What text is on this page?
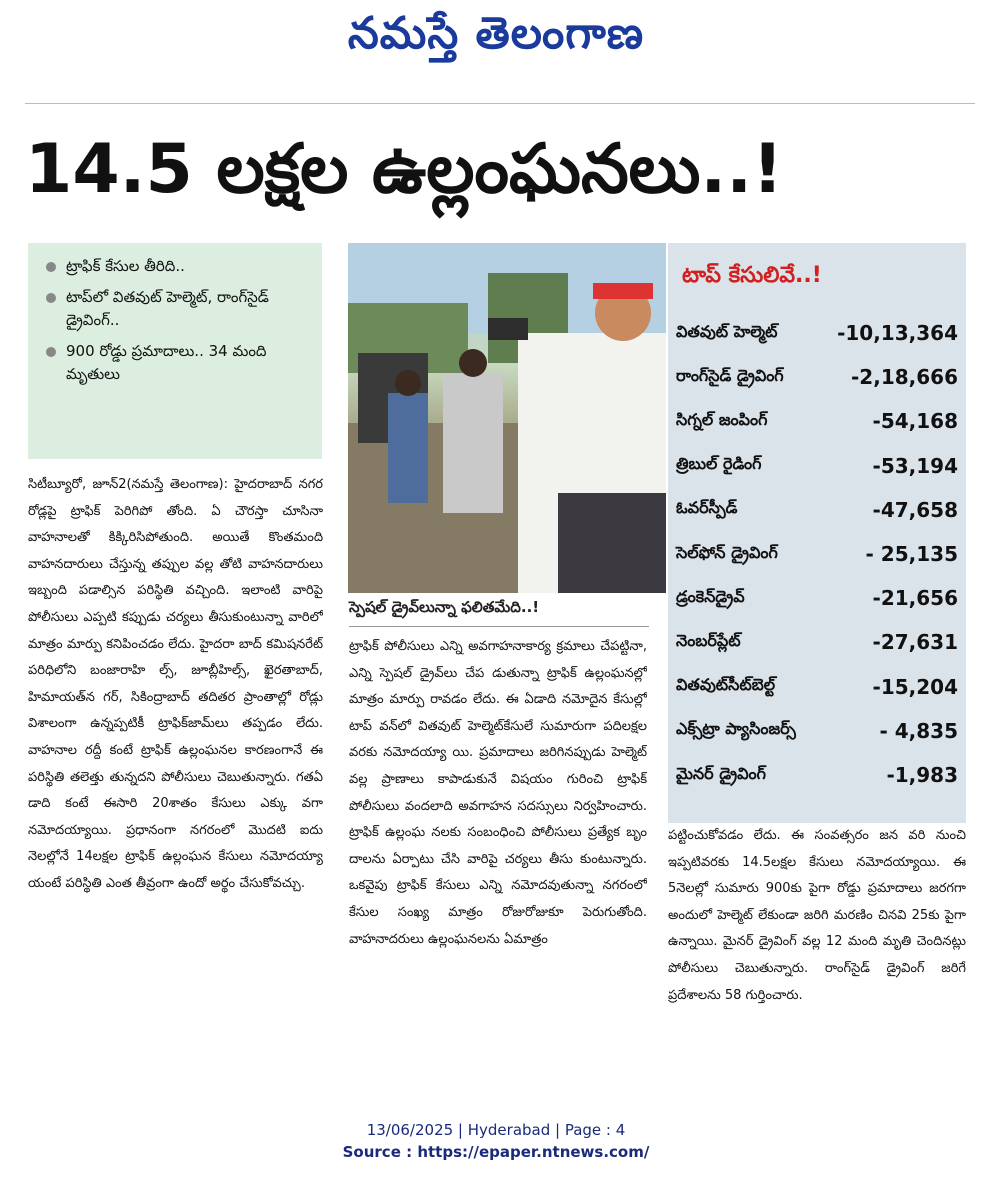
నమస్తే తెలంగాణ
14.5 లక్షల ఉల్లంఘనలు..!
ట్రాఫిక్ కేసుల తీరిది..
టాప్‌లో వితవుట్ హెల్మెట్, రాంగ్‌సైడ్ డ్రైవింగ్..
900 రోడ్డు ప్రమాదాలు.. 34 మంది మృతులు

సిటీబ్యూరో, జూన్2(నమస్తే తెలంగాణ): హైదరాబాద్ నగర రోడ్లపై ట్రాఫిక్ పెరిగిపో తోంది. ఏ చౌరస్తా చూసినా వాహనాలతో కిక్కిరిసిపోతుంది. అయితే కొంతమంది వాహనదారులు చేస్తున్న తప్పుల వల్ల తోటి వాహనదారులు ఇబ్బంది పడాల్సిన పరిస్థితి వచ్చింది. ఇలాంటి వారిపై పోలీసులు ఎప్పటి కప్పుడు చర్యలు తీసుకుంటున్నా వారిలో మాత్రం మార్పు కనిపించడం లేదు. హైదరా బాద్ కమిషనరేట్ పరిధిలోని బంజారాహి ల్స్, జూబ్లీహిల్స్, ఖైరతాబాద్, హిమాయత్‌న గర్, సికింద్రాబాద్ తదితర ప్రాంతాల్లో రోడ్లు విశాలంగా ఉన్నప్పటికీ ట్రాఫిక్‌జామ్‌లు తప్పడం లేదు. వాహనాల రద్దీ కంటే ట్రాఫిక్ ఉల్లంఘనల కారణంగానే ఈ పరిస్థితి తలెత్తు తున్నదని పోలీసులు చెబుతున్నారు. గతఏ డాది కంటే ఈసారి 20శాతం కేసులు ఎక్కు వగా నమోదయ్యాయి. ప్రధానంగా నగరంలో మొదటి ఐదు నెలల్లోనే 14లక్షల ట్రాఫిక్ ఉల్లంఘన కేసులు నమోదయ్యా యంటే పరిస్థితి ఎంత తీవ్రంగా ఉందో అర్థం చేసుకోవచ్చు.

స్పెషల్ డ్రైవ్‌లున్నా ఫలితమేది..!

ట్రాఫిక్ పోలీసులు ఎన్ని అవగాహనాకార్య క్రమాలు చేపట్టినా, ఎన్ని స్పెషల్ డ్రైవ్‌లు చేప డుతున్నా ట్రాఫిక్ ఉల్లంఘనల్లో మాత్రం మార్పు రావడం లేదు. ఈ ఏడాది నమోదైన కేసుల్లో టాప్ వన్‌లో వితవుట్ హెల్మెట్‌కేసులే సుమారుగా పదిలక్షల వరకు నమోదయ్యా యి. ప్రమాదాలు జరిగినప్పుడు హెల్మెట్ వల్ల ప్రాణాలు కాపాడుకునే విషయం గురించి ట్రాఫిక్ పోలీసులు వందలాది అవగాహన సదస్సులు నిర్వహించారు. ట్రాఫిక్ ఉల్లంఘ నలకు సంబంధించి పోలీసులు ప్రత్యేక బృం దాలను ఏర్పాటు చేసి వారిపై చర్యలు తీసు కుంటున్నారు. ఒకవైపు ట్రాఫిక్ కేసులు ఎన్ని నమోదవుతున్నా నగరంలో కేసుల సంఖ్య మాత్రం రోజురోజుకూ పెరుగుతోంది. వాహనాదరులు ఉల్లంఘనలను ఏమాత్రం

టాప్ కేసులివే..!
వితవుట్ హెల్మెట్	-10,13,364
రాంగ్‌సైడ్ డ్రైవింగ్	-2,18,666
సిగ్నల్ జంపింగ్	-54,168
త్రిబుల్ రైడింగ్	-53,194
ఓవర్‌స్పీడ్	-47,658
సెల్‌ఫోన్ డ్రైవింగ్	- 25,135
డ్రంకెన్‌డ్రైవ్	-21,656
నెంబర్‌ప్లేట్	-27,631
వితవుట్‌సీట్‌బెల్ట్	-15,204
ఎక్స్‌ట్రా ప్యాసింజర్స్	- 4,835
మైనర్ డ్రైవింగ్	-1,983

పట్టించుకోవడం లేదు. ఈ సంవత్సరం జన వరి నుంచి ఇప్పటివరకు 14.5లక్షల కేసులు నమోదయ్యాయి. ఈ 5నెలల్లో సుమారు 900కు పైగా రోడ్డు ప్రమాదాలు జరగగా అందులో హెల్మెట్ లేకుండా జరిగి మరణిం చినవి 25కు పైగా ఉన్నాయి. మైనర్ డ్రైవింగ్ వల్ల 12 మంది మృతి చెందినట్లు పోలీసులు చెబుతున్నారు. రాంగ్‌సైడ్ డ్రైవింగ్ జరిగే ప్రదేశాలను 58 గుర్తించారు.

13/06/2025 | Hyderabad | Page : 4
Source : https://epaper.ntnews.com/
